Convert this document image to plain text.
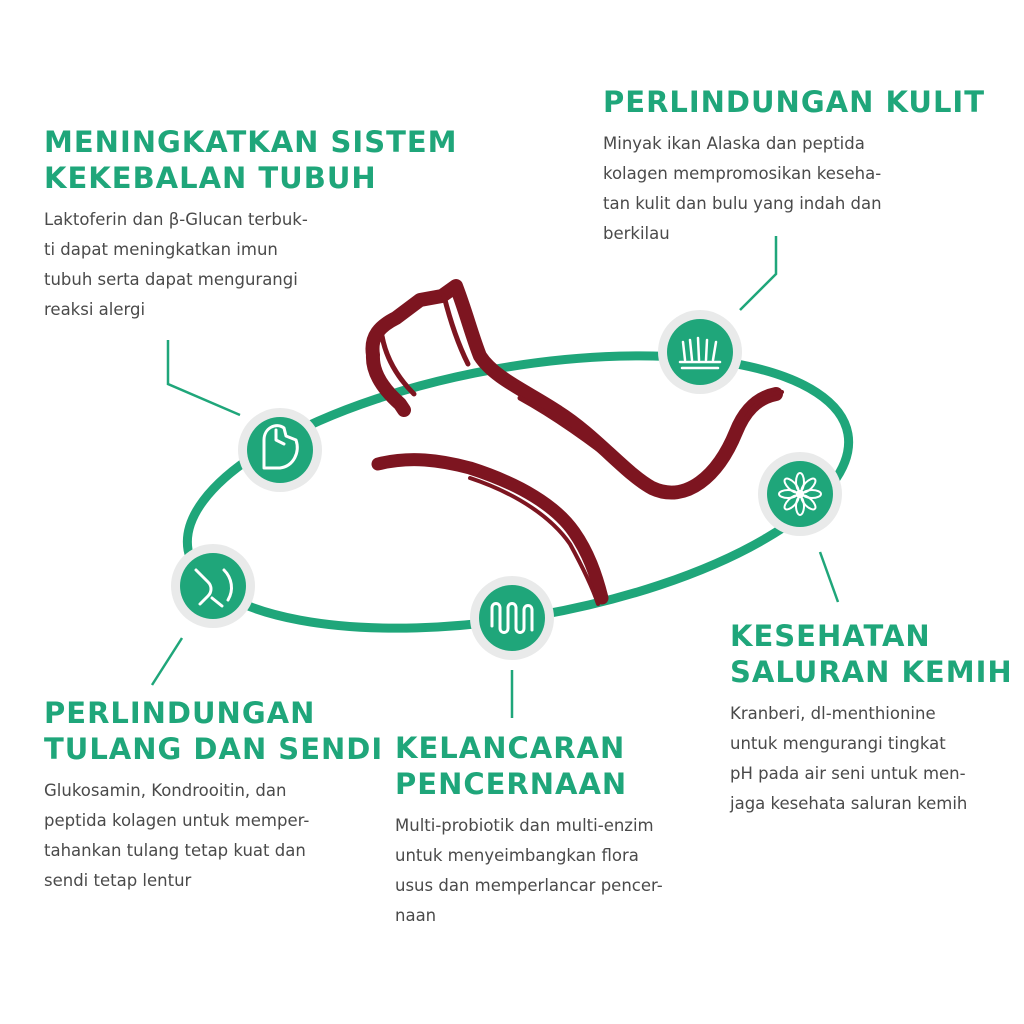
MENINGKATKAN SISTEM
KEKEBALAN TUBUH
Laktoferin dan β-Glucan terbuk-
ti dapat meningkatkan imun
tubuh serta dapat mengurangi
reaksi alergi
PERLINDUNGAN KULIT
Minyak ikan Alaska dan peptida
kolagen mempromosikan keseha-
tan kulit dan bulu yang indah dan
berkilau
PERLINDUNGAN
TULANG DAN SENDI
Glukosamin, Kondrooitin, dan
peptida kolagen untuk memper-
tahankan tulang tetap kuat dan
sendi tetap lentur
KELANCARAN
PENCERNAAN
Multi-probiotik dan multi-enzim
untuk menyeimbangkan flora
usus dan memperlancar pencer-
naan
KESEHATAN
SALURAN KEMIH
Kranberi, dl-menthionine
untuk mengurangi tingkat
pH pada air seni untuk men-
jaga kesehata saluran kemih
